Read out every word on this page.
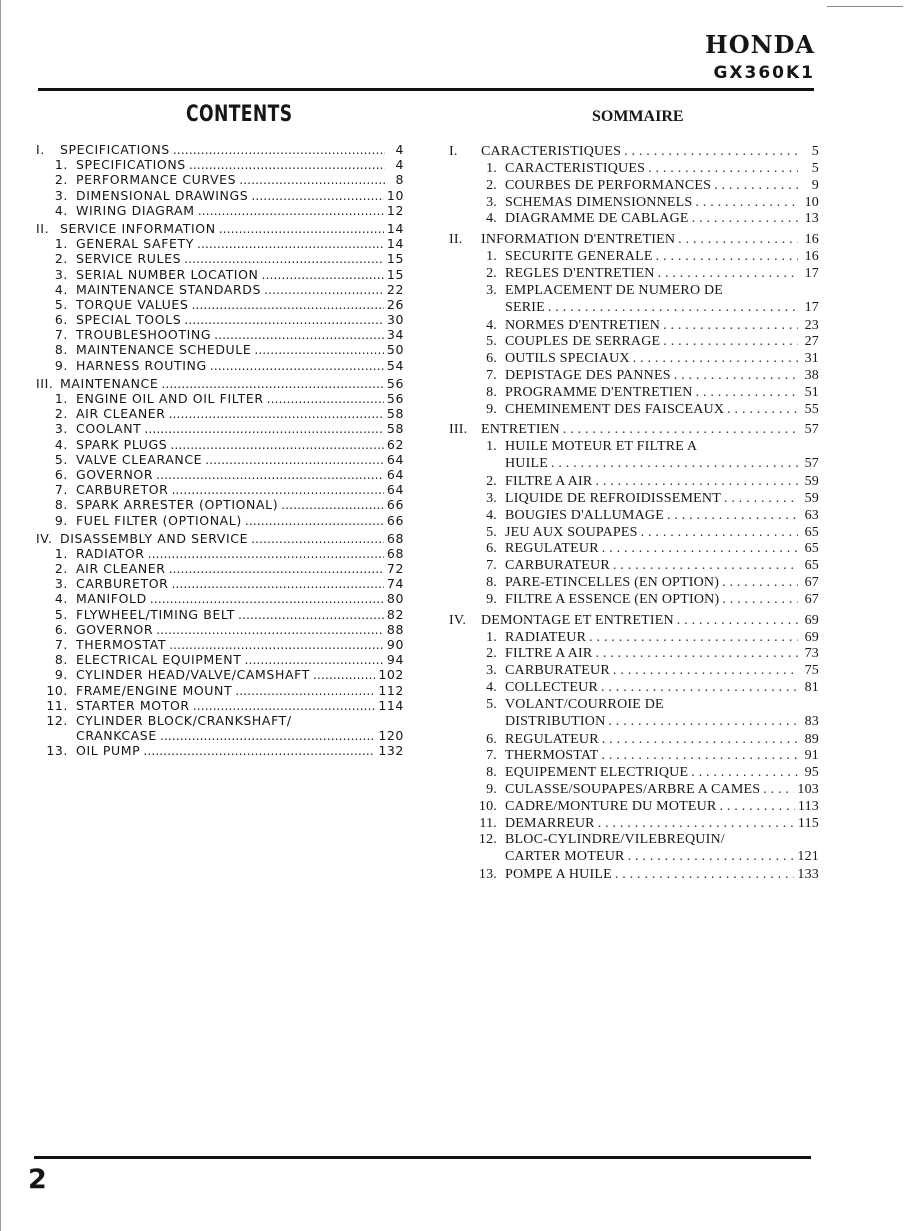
HONDA
GX360K1
CONTENTS	SOMMAIRE
I. SPECIFICATIONS .....	4
1. SPECIFICATIONS .....	4
2. PERFORMANCE CURVES .....	8
3. DIMENSIONAL DRAWINGS .....	10
4. WIRING DIAGRAM .....	12
II. SERVICE INFORMATION .....	14
1. GENERAL SAFETY .....	14
2. SERVICE RULES .....	15
3. SERIAL NUMBER LOCATION .....	15
4. MAINTENANCE STANDARDS .....	22
5. TORQUE VALUES .....	26
6. SPECIAL TOOLS .....	30
7. TROUBLESHOOTING .....	34
8. MAINTENANCE SCHEDULE .....	50
9. HARNESS ROUTING .....	54
III. MAINTENANCE .....	56
1. ENGINE OIL AND OIL FILTER .....	56
2. AIR CLEANER .....	58
3. COOLANT .....	58
4. SPARK PLUGS .....	62
5. VALVE CLEARANCE .....	64
6. GOVERNOR .....	64
7. CARBURETOR .....	64
8. SPARK ARRESTER (OPTIONAL) .....	66
9. FUEL FILTER (OPTIONAL) .....	66
IV. DISASSEMBLY AND SERVICE .....	68
1. RADIATOR .....	68
2. AIR CLEANER .....	72
3. CARBURETOR .....	74
4. MANIFOLD .....	80
5. FLYWHEEL/TIMING BELT .....	82
6. GOVERNOR .....	88
7. THERMOSTAT .....	90
8. ELECTRICAL EQUIPMENT .....	94
9. CYLINDER HEAD/VALVE/CAMSHAFT .....	102
10. FRAME/ENGINE MOUNT .....	112
11. STARTER MOTOR .....	114
12. CYLINDER BLOCK/CRANKSHAFT/
CRANKCASE .....	120
13. OIL PUMP .....	132
I.	CARACTERISTIQUES . . .	5
1. CARACTERISTIQUES . . .	5
2. COURBES DE PERFORMANCES . . .	9
3. SCHEMAS DIMENSIONNELS . . .	10
4. DIAGRAMME DE CABLAGE . . .	13
II.	INFORMATION D'ENTRETIEN . . .	16
1. SECURITE GENERALE . . .	16
2. REGLES D'ENTRETIEN . . .	17
3. EMPLACEMENT DE NUMERO DE
SERIE . . .	17
4. NORMES D'ENTRETIEN . . .	23
5. COUPLES DE SERRAGE . . .	27
6. OUTILS SPECIAUX . . .	31
7. DEPISTAGE DES PANNES . . .	38
8. PROGRAMME D'ENTRETIEN . . .	51
9. CHEMINEMENT DES FAISCEAUX . . .	55
III. ENTRETIEN . . .	57
1. HUILE MOTEUR ET FILTRE A
HUILE . . .	57
2. FILTRE A AIR . . .	59
3. LIQUIDE DE REFROIDISSEMENT . . .	59
4. BOUGIES D'ALLUMAGE . . .	63
5. JEU AUX SOUPAPES . . .	65
6. REGULATEUR . . .	65
7. CARBURATEUR . . .	65
8. PARE-ETINCELLES (EN OPTION) . . .	67
9. FILTRE A ESSENCE (EN OPTION) . . .	67
IV.	DEMONTAGE ET ENTRETIEN . . .	69
1. RADIATEUR . . .	69
2. FILTRE A AIR . . .	73
3. CARBURATEUR . . .	75
4. COLLECTEUR . . .	81
5. VOLANT/COURROIE DE
DISTRIBUTION . . .	83
6. REGULATEUR . . .	89
7. THERMOSTAT . . .	91
8. EQUIPEMENT ELECTRIQUE . . .	95
9. CULASSE/SOUPAPES/ARBRE A CAMES . . .	103
10. CADRE/MONTURE DU MOTEUR . . .	113
11. DEMARREUR . . .	115
12. BLOC-CYLINDRE/VILEBREQUIN/
CARTER MOTEUR . . .	121
13. POMPE A HUILE . . .	133
2
